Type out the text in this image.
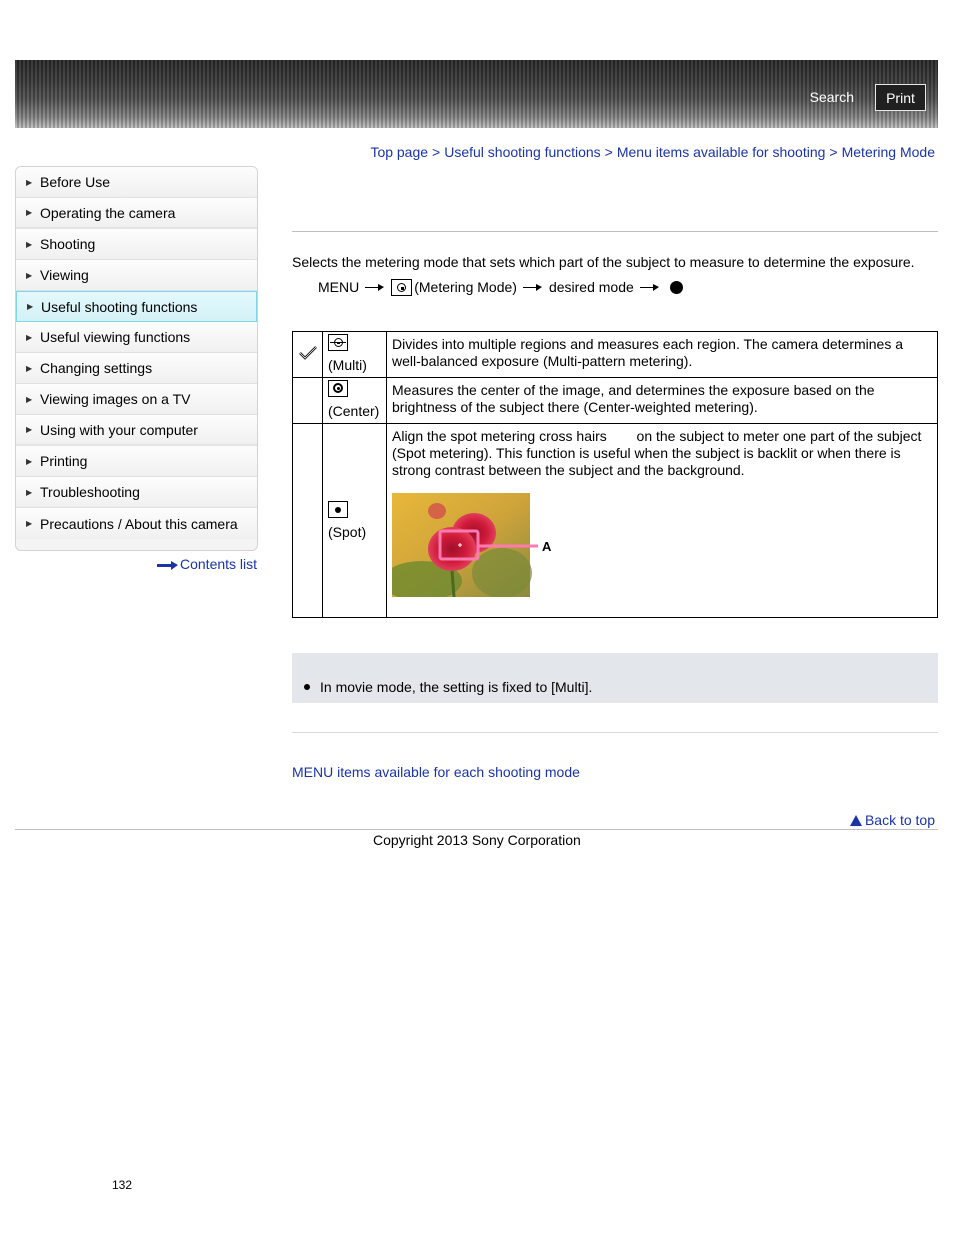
Search	Print
Top page > Useful shooting functions > Menu items available for shooting > Metering Mode
▶ Before Use
▶ Operating the camera
▶ Shooting
▶ Viewing
▶ Useful shooting functions
▶ Useful viewing functions
▶ Changing settings
▶ Viewing images on a TV
▶ Using with your computer
▶ Printing
▶ Troubleshooting
▶ Precautions / About this camera
Contents list
Selects the metering mode that sets which part of the subject to measure to determine the exposure.
MENU	(Metering Mode) desired mode

(Multi)	Divides into multiple regions and measures each region. The camera determines a well-balanced exposure (Multi-pattern metering).

(Center)	Measures the center of the image, and determines the exposure based on the brightness of the subject there (Center-weighted metering).

(Spot)	Align the spot metering cross hairs on the subject to meter one part of the subject (Spot metering). This function is useful when the subject is backlit or when there is strong contrast between the subject and the background.
A
In movie mode, the setting is fixed to [Multi].
MENU items available for each shooting mode
Back to top
Copyright 2013 Sony Corporation
132
